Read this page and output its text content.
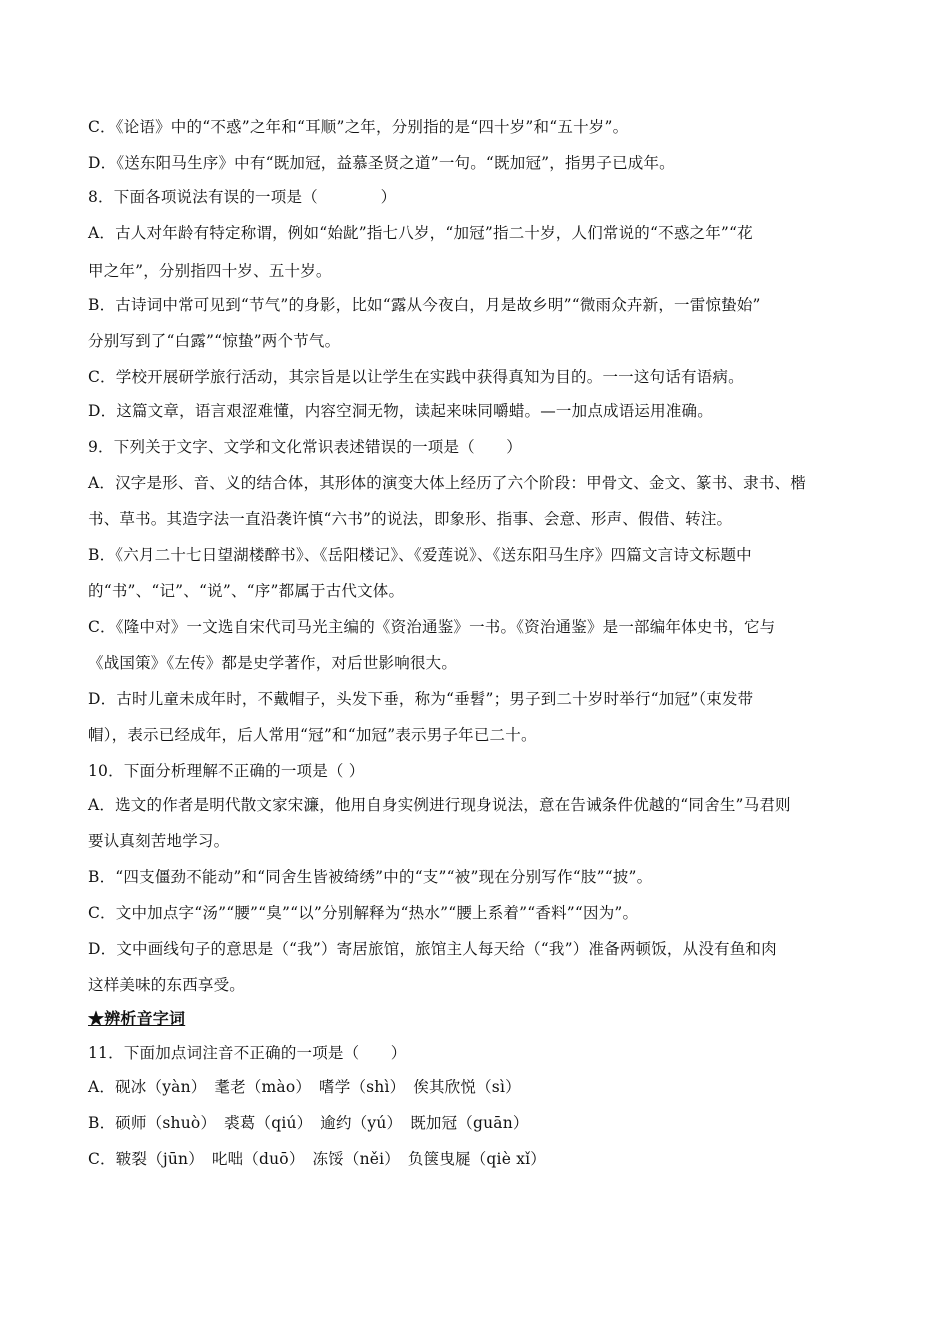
C．《论语》中的“不惑”之年和“耳顺”之年，分别指的是“四十岁”和“五十岁”。
D．《送东阳马生序》中有“既加冠，益慕圣贤之道”一句。“既加冠”，指男子已成年。
8．下面各项说法有误的一项是（　　　　）
A．古人对年龄有特定称谓，例如“始龀”指七八岁，“加冠”指二十岁，人们常说的“不惑之年”“花
甲之年”，分别指四十岁、五十岁。
B．古诗词中常可见到“节气”的身影，比如“露从今夜白，月是故乡明”“微雨众卉新，一雷惊蛰始”
分别写到了“白露”“惊蛰”两个节气。
C．学校开展研学旅行活动，其宗旨是以让学生在实践中获得真知为目的。一一这句话有语病。
D．这篇文章，语言艰涩难懂，内容空洞无物，读起来味同嚼蜡。—一加点成语运用准确。
9．下列关于文字、文学和文化常识表述错误的一项是（　　）
A．汉字是形、音、义的结合体，其形体的演变大体上经历了六个阶段：甲骨文、金文、篆书、隶书、楷
书、草书。其造字法一直沿袭许慎“六书”的说法，即象形、指事、会意、形声、假借、转注。
B．《六月二十七日望湖楼醉书》、《岳阳楼记》、《爱莲说》、《送东阳马生序》四篇文言诗文标题中
的“书”、“记”、“说”、“序”都属于古代文体。
C．《隆中对》一文选自宋代司马光主编的《资治通鉴》一书。《资治通鉴》是一部编年体史书，它与
《战国策》《左传》都是史学著作，对后世影响很大。
D．古时儿童未成年时，不戴帽子，头发下垂，称为“垂髫”；男子到二十岁时举行“加冠”（束发带
帽），表示已经成年，后人常用“冠”和“加冠”表示男子年已二十。
10．下面分析理解不正确的一项是（ ）
A．选文的作者是明代散文家宋濂，他用自身实例进行现身说法，意在告诫条件优越的“同舍生”马君则
要认真刻苦地学习。
B．“四支僵劲不能动”和“同舍生皆被绮绣”中的“支”“被”现在分别写作“肢”“披”。
C．文中加点字“汤”“腰”“臭”“以”分别解释为“热水”“腰上系着”“香料”“因为”。
D．文中画线句子的意思是（“我”）寄居旅馆，旅馆主人每天给（“我”）准备两顿饭，从没有鱼和肉
这样美味的东西享受。
★辨析音字词
11．下面加点词注音不正确的一项是（　　）
A．砚冰（yàn）　耄老（mào）　嗜学（shì）　俟其欣悦（sì）
B．硕师（shuò）　裘葛（qiú）　逾约（yú）　既加冠（guān）
C．皲裂（jūn）　叱咄（duō）　冻馁（něi）　负箧曳屣（qiè xǐ）
